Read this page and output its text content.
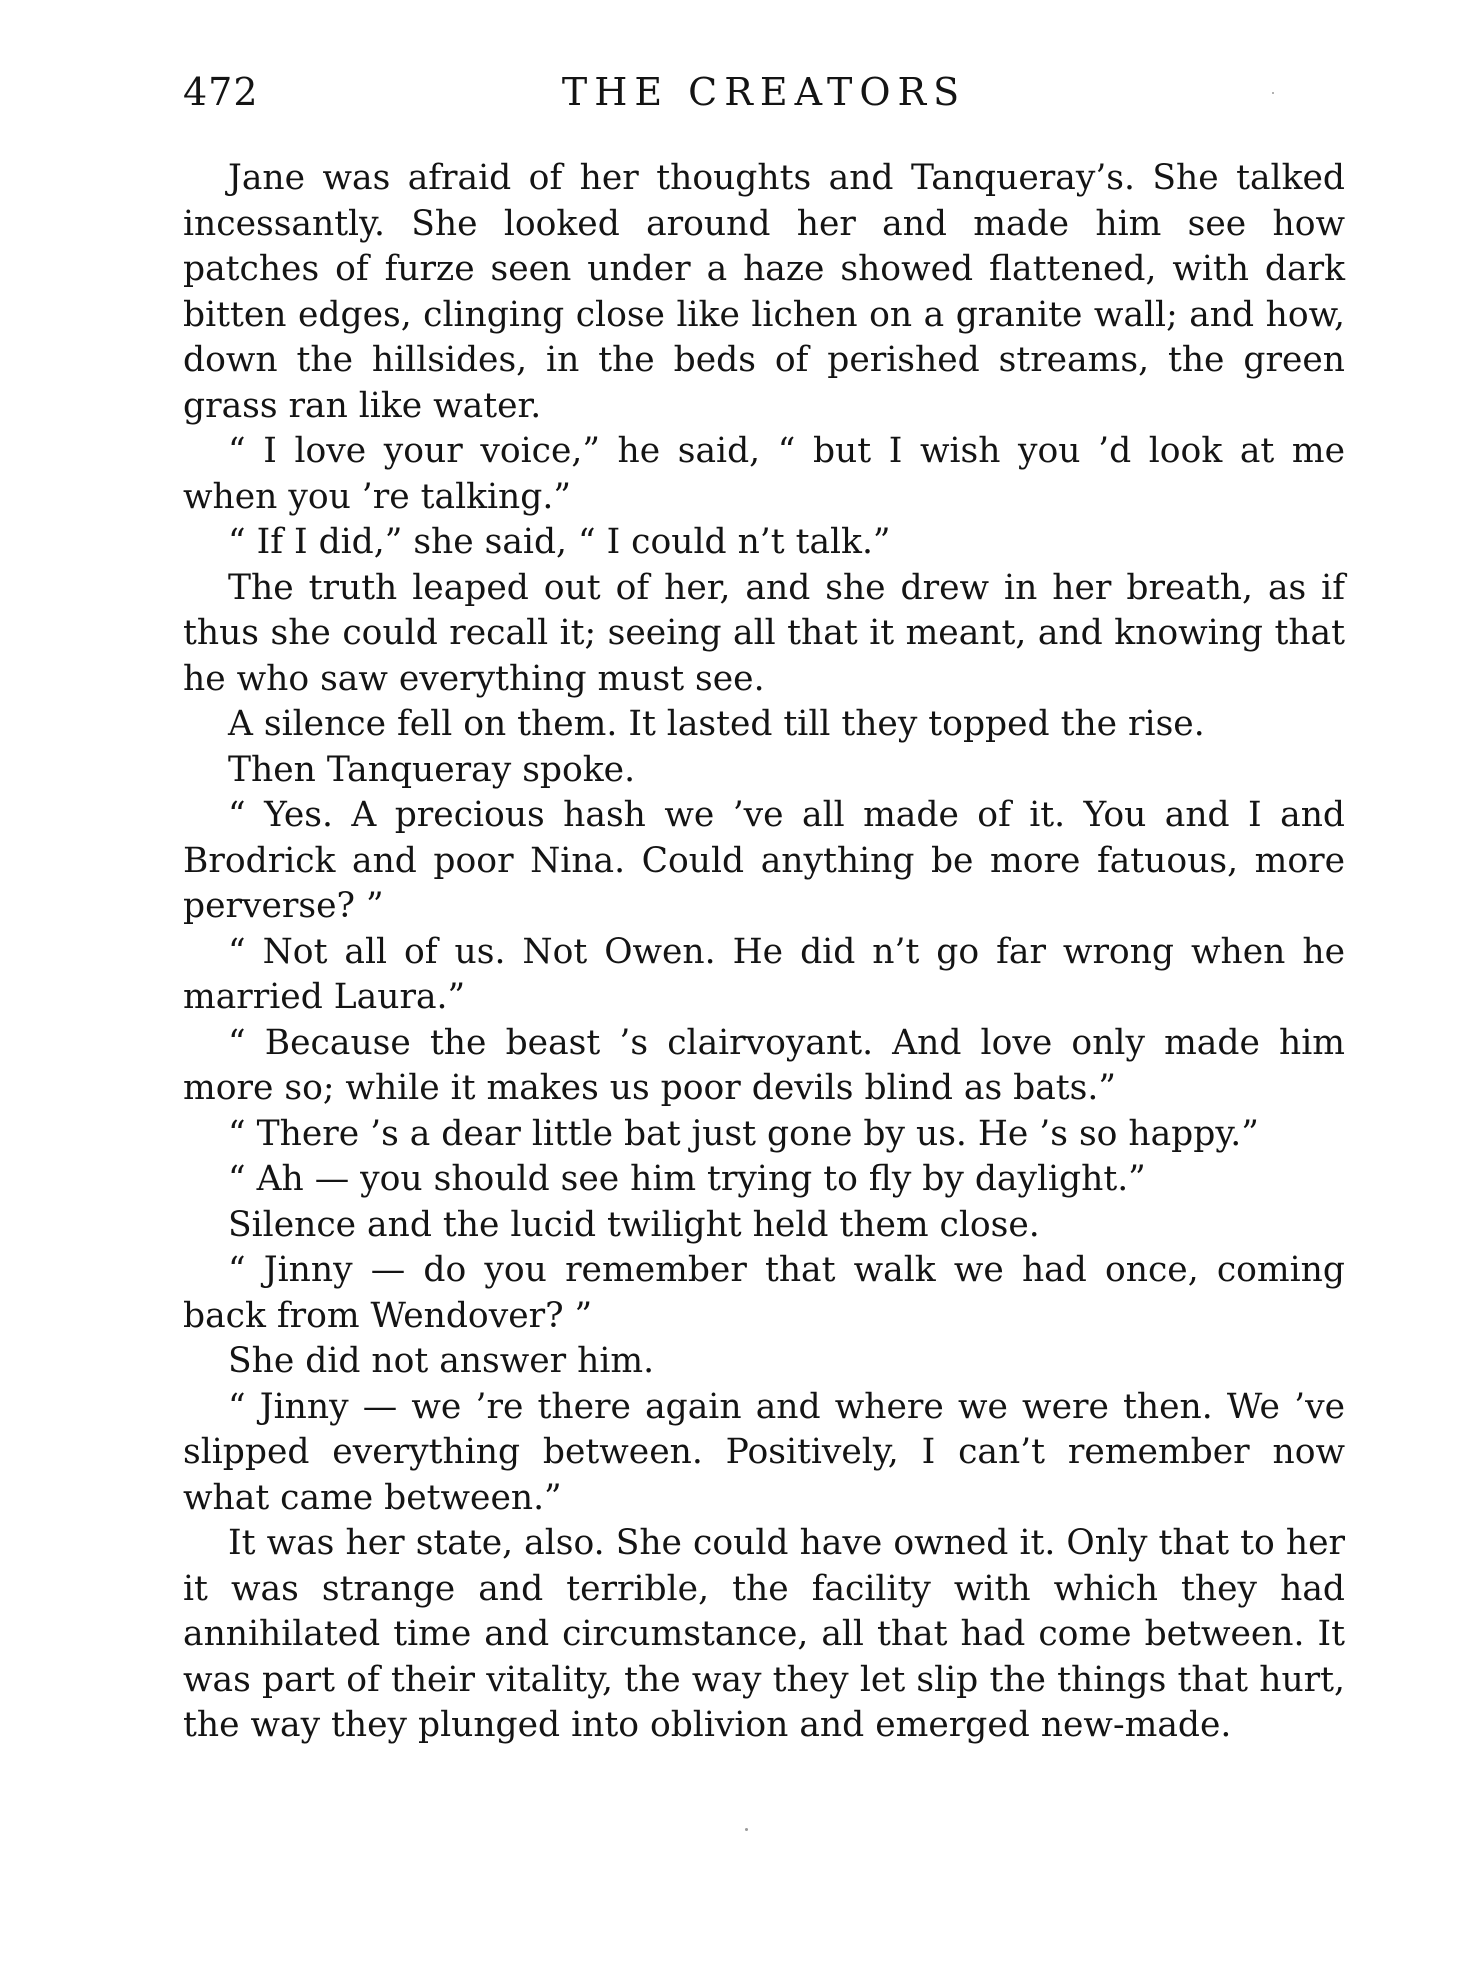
472	THE CREATORS

Jane was afraid of her thoughts and Tanqueray’s. She talked incessantly. She looked around her and made him see how patches of furze seen under a haze showed flattened, with dark bitten edges, clinging close like lichen on a granite wall; and how, down the hillsides, in the beds of perished streams, the green grass ran like water.

“ I love your voice,” he said, “ but I wish you ’d look at me when you ’re talking.”

“ If I did,” she said, “ I could n’t talk.”

The truth leaped out of her, and she drew in her breath, as if thus she could recall it; seeing all that it meant, and knowing that he who saw everything must see.

A silence fell on them. It lasted till they topped the rise.

Then Tanqueray spoke.

“ Yes. A precious hash we ’ve all made of it. You and I and Brodrick and poor Nina. Could anything be more fatuous, more perverse? ”

“ Not all of us. Not Owen. He did n’t go far wrong when he married Laura.”

“ Because the beast ’s clairvoyant. And love only made him more so; while it makes us poor devils blind as bats.”

“ There ’s a dear little bat just gone by us. He ’s so happy.”

“ Ah — you should see him trying to fly by daylight.”

Silence and the lucid twilight held them close.

“ Jinny — do you remember that walk we had once, coming back from Wendover? ”

She did not answer him.

“ Jinny — we ’re there again and where we were then. We ’ve slipped everything between. Positively, I can’t remember now what came between.”

It was her state, also. She could have owned it. Only that to her it was strange and terrible, the facility with which they had annihilated time and circumstance, all that had come between. It was part of their vitality, the way they let slip the things that hurt, the way they plunged into oblivion and emerged new-made.
